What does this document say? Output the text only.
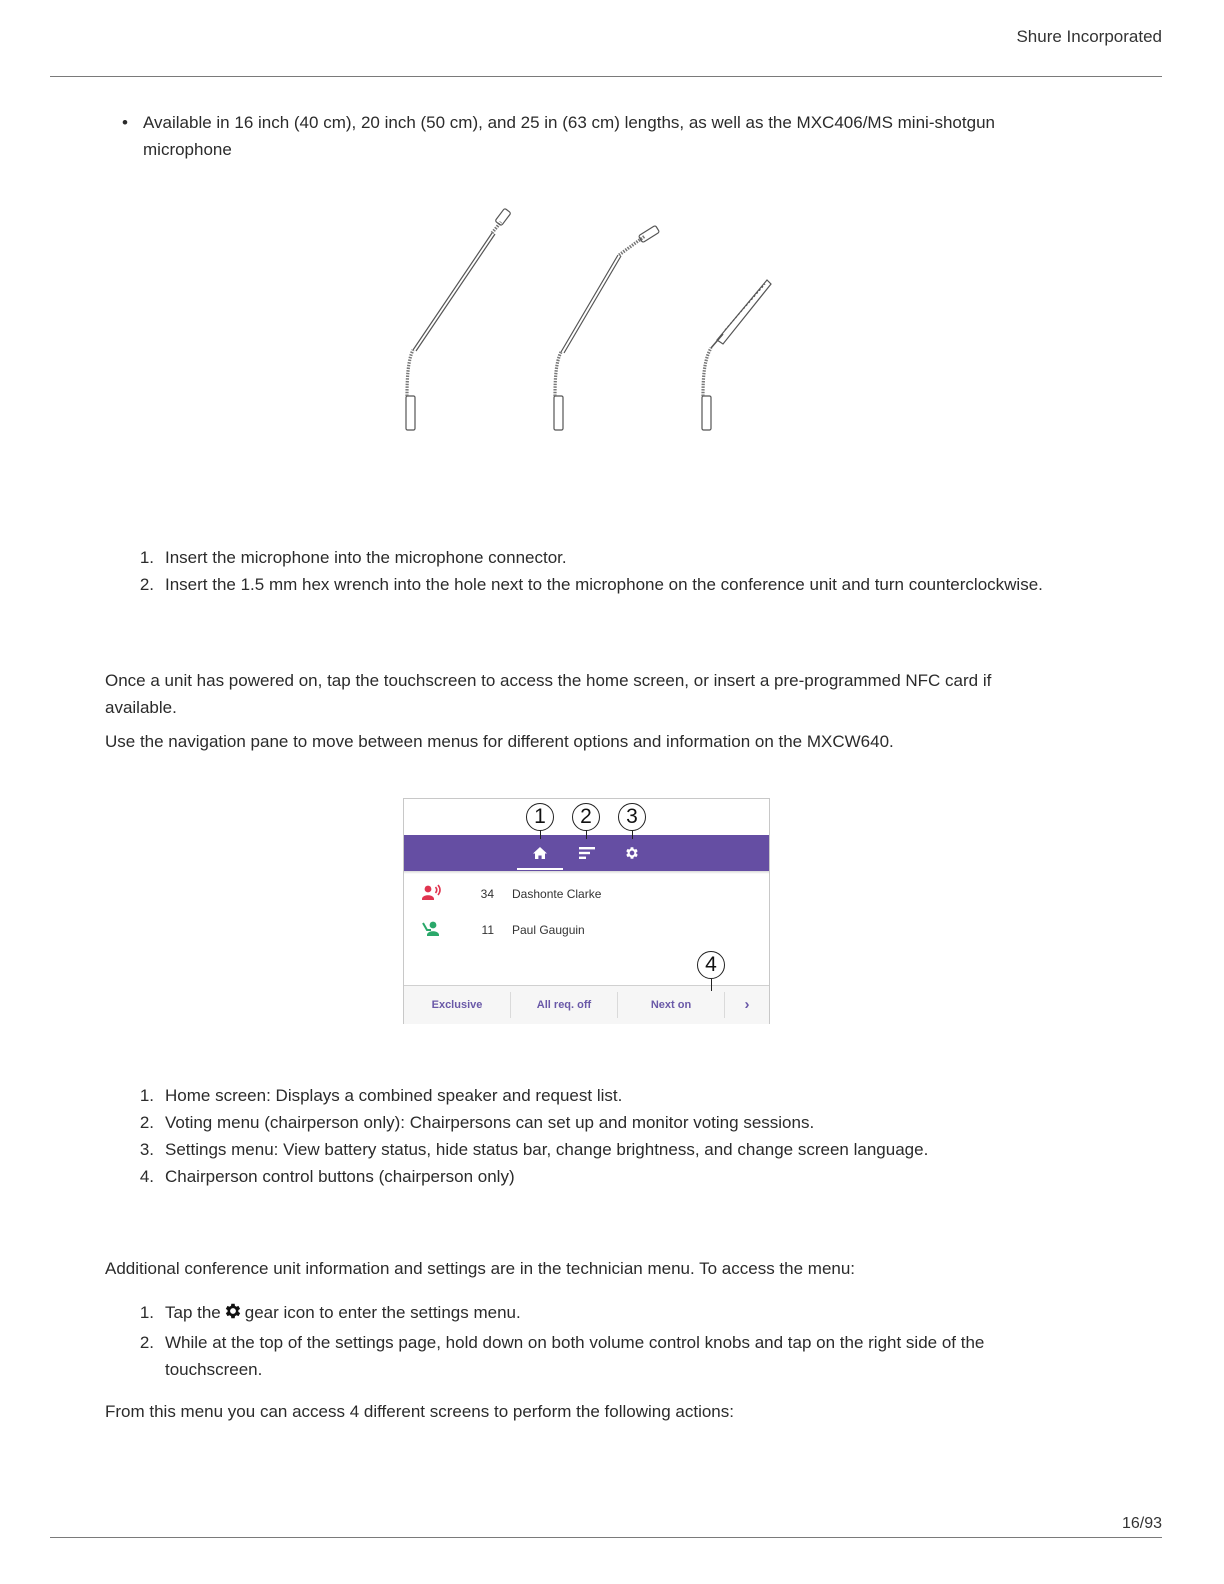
Shure Incorporated
• Available in 16 inch (40 cm), 20 inch (50 cm), and 25 in (63 cm) lengths, as well as the MXC406/MS mini-shotgun microphone
1. Insert the microphone into the microphone connector.
2. Insert the 1.5 mm hex wrench into the hole next to the microphone on the conference unit and turn counterclockwise.

Once a unit has powered on, tap the touchscreen to access the home screen, or insert a pre-programmed NFC card if available.

Use the navigation pane to move between menus for different options and information on the MXCW640.

34 Dashonte Clarke
11 Paul Gauguin
Exclusive	All req. off	Next on	›
1	2	3
4
1. Home screen: Displays a combined speaker and request list.
2. Voting menu (chairperson only): Chairpersons can set up and monitor voting sessions.
3. Settings menu: View battery status, hide status bar, change brightness, and change screen language.
4. Chairperson control buttons (chairperson only)

Additional conference unit information and settings are in the technician menu. To access the menu:

1. Tap the gear icon to enter the settings menu.
2. While at the top of the settings page, hold down on both volume control knobs and tap on the right side of the touchscreen.

From this menu you can access 4 different screens to perform the following actions:

16/93
